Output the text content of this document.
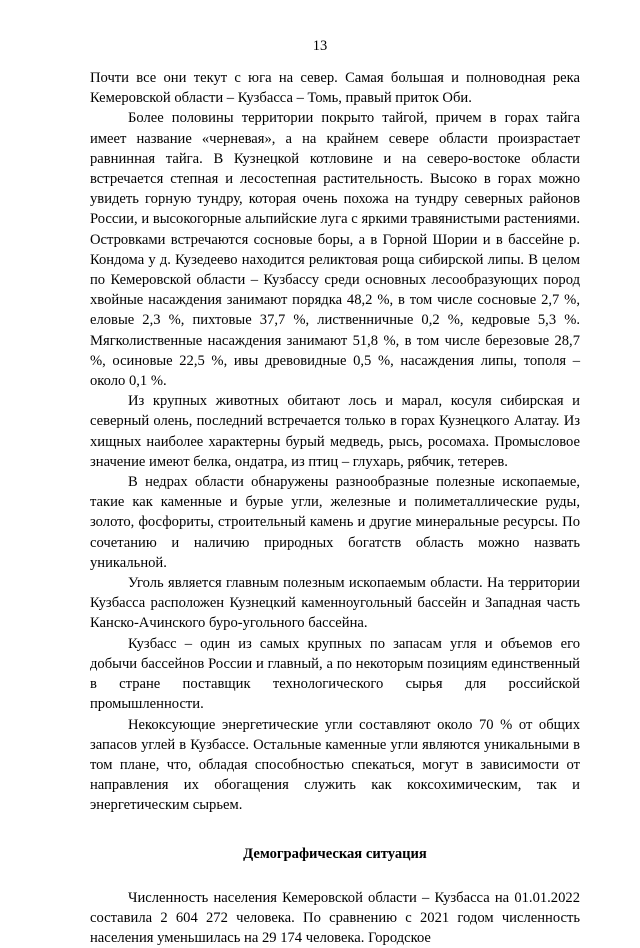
13

Почти все они текут с юга на север. Самая большая и полноводная река Кемеровской области – Кузбасса – Томь, правый приток Оби.

Более половины территории покрыто тайгой, причем в горах тайга имеет название «черневая», а на крайнем севере области произрастает равнинная тайга. В Кузнецкой котловине и на северо-востоке области встречается степная и лесостепная растительность. Высоко в горах можно увидеть горную тундру, которая очень похожа на тундру северных районов России, и высокогорные альпийские луга с яркими травянистыми растениями. Островками встречаются сосновые боры, а в Горной Шории и в бассейне р. Кондома у д. Кузедеево находится реликтовая роща сибирской липы. В целом по Кемеровской области – Кузбассу среди основных лесообразующих пород хвойные насаждения занимают порядка 48,2 %, в том числе сосновые 2,7 %, еловые 2,3 %, пихтовые 37,7 %, лиственничные 0,2 %, кедровые 5,3 %. Мягколиственные насаждения занимают 51,8 %, в том числе березовые 28,7 %, осиновые 22,5 %, ивы древовидные 0,5 %, насаждения липы, тополя – около 0,1 %.

Из крупных животных обитают лось и марал, косуля сибирская и северный олень, последний встречается только в горах Кузнецкого Алатау. Из хищных наиболее характерны бурый медведь, рысь, росомаха. Промысловое значение имеют белка, ондатра, из птиц – глухарь, рябчик, тетерев.

В недрах области обнаружены разнообразные полезные ископаемые, такие как каменные и бурые угли, железные и полиметаллические руды, золото, фосфориты, строительный камень и другие минеральные ресурсы. По сочетанию и наличию природных богатств область можно назвать уникальной.

Уголь является главным полезным ископаемым области. На территории Кузбасса расположен Кузнецкий каменноугольный бассейн и Западная часть Канско-Ачинского буро-угольного бассейна.

Кузбасс – один из самых крупных по запасам угля и объемов его добычи бассейнов России и главный, а по некоторым позициям единственный в стране поставщик технологического сырья для российской промышленности.

Некоксующие энергетические угли составляют около 70 % от общих запасов углей в Кузбассе. Остальные каменные угли являются уникальными в том плане, что, обладая способностью спекаться, могут в зависимости от направления их обогащения служить как коксохимическим, так и энергетическим сырьем.

Демографическая ситуация

Численность населения Кемеровской области – Кузбасса на 01.01.2022 составила 2 604 272 человека. По сравнению с 2021 годом численность населения уменьшилась на 29 174 человека. Городское
